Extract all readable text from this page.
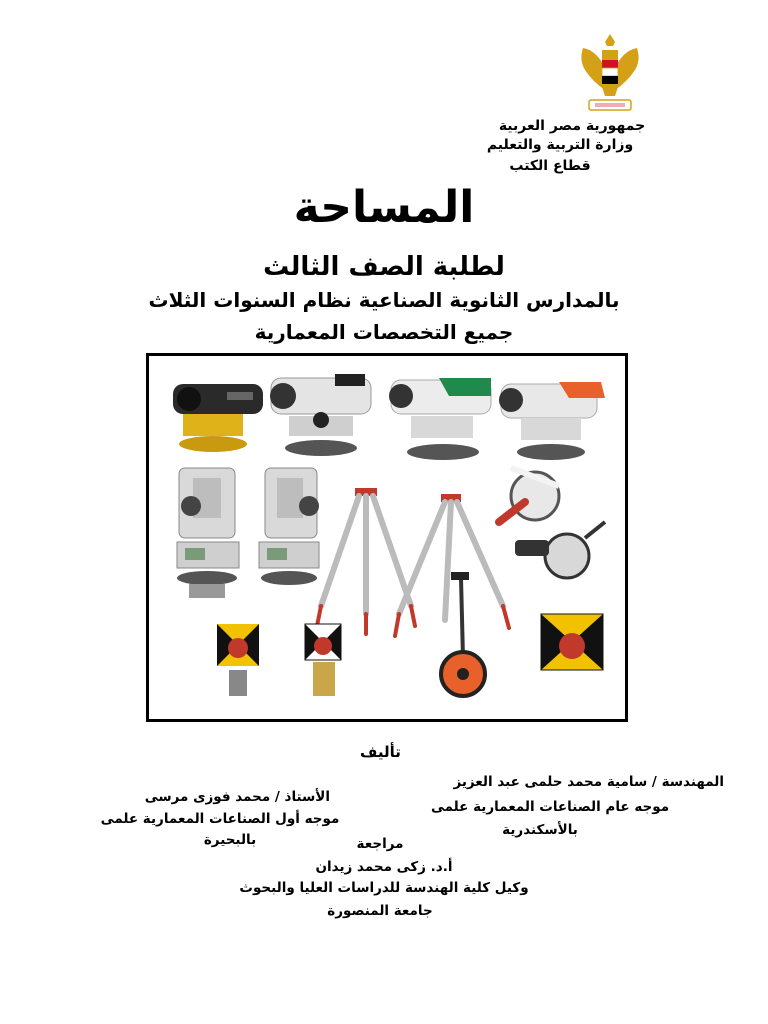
جمهورية مصر العربية
وزارة التربية والتعليم
قطاع الكتب
المساحة
لطلبة الصف الثالث
بالمدارس الثانوية الصناعية نظام السنوات الثلاث
جميع التخصصات المعمارية
تأليف
المهندسة / سامية محمد حلمى عبد العزيز
موجه عام الصناعات المعمارية علمى
بالأسكندرية
الأستاذ / محمد فوزى مرسى
موجه أول الصناعات المعمارية علمى
بالبحيرة	مراجعة
أ.د. زكى محمد زيدان
وكيل كلية الهندسة للدراسات العليا والبحوث
جامعة المنصورة
